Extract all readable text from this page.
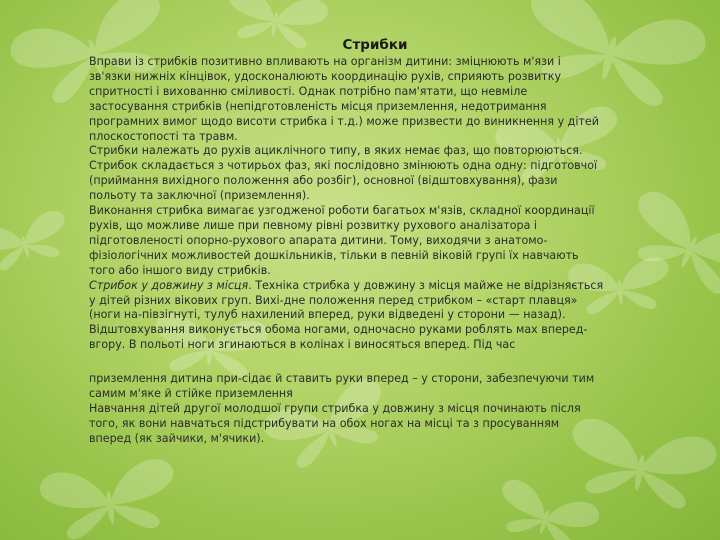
Стрибки
Вправи із стрибків позитивно впливають на організм дитини: зміцнюють м'язи і
зв'язки нижніх кінцівок, удосконалюють координацію рухів, сприяють розвитку
спритності і вихованню сміливості. Однак потрібно пам'ятати, що невміле
застосування стрибків (непідготовленість місця приземлення, недотримання
програмних вимог щодо висоти стрибка і т.д.) може призвести до виникнення у дітей
плоскостопості та травм.
Стрибки належать до рухів ациклічного типу, в яких немає фаз, що повторюються.
Стрибок складається з чотирьох фаз, які послідовно змінюють одна одну: підготовчої
(приймання вихідного положення або розбіг), основної (відштовхування), фази
польоту та заключної (приземлення).
Виконання стрибка вимагає узгодженої роботи багатьох м'язів, складної координації
рухів, що можливе лише при певному рівні розвитку рухового аналізатора і
підготовленості опорно-рухового апарата дитини. Тому, виходячи з анатомо-
фізіологічних можливостей дошкільників, тільки в певній віковій групі їх навчають
того або іншого виду стрибків.
Стрибок у довжину з місця. Техніка стрибка у довжину з місця майже не відрізняється
у дітей різних вікових груп. Вихі-дне положення перед стрибком – «старт плавця»
(ноги на-півзігнуті, тулуб нахилений вперед, руки відведені у сторони — назад).
Відштовхування виконується обома ногами, одночасно руками роблять мах вперед-
вгору. В польоті ноги згинаються в колінах і виносяться вперед. Під час
приземлення дитина при-сідає й ставить руки вперед – у сторони, забезпечуючи тим
самим м'яке й стійке приземлення
Навчання дітей другої молодшої групи стрибка у довжину з місця починають після
того, як вони навчаться підстрибувати на обох ногах на місці та з просуванням
вперед (як зайчики, м'ячики).
